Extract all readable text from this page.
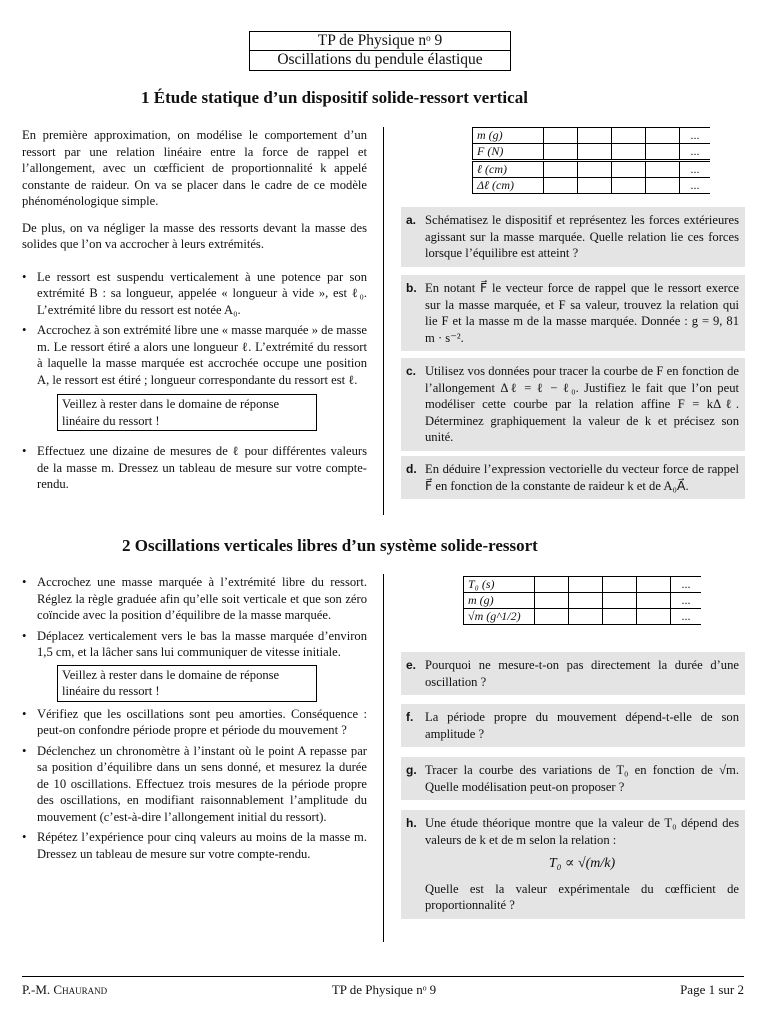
TP de Physique nᵒ 9
Oscillations du pendule élastique
1 Étude statique d’un dispositif solide-ressort vertical

En première approximation, on modélise le comportement d’un ressort par une relation linéaire entre la force de rappel et l’allongement, avec un cœfficient de proportionnalité k appelé constante de raideur. On va se placer dans le cadre de ce modèle phénoménologique simple.

De plus, on va négliger la masse des ressorts devant la masse des solides que l’on va accrocher à leurs extrémités.

• Le ressort est suspendu verticalement à une potence par son extrémité B : sa longueur, appelée « longueur à vide », est ℓ₀. L’extrémité libre du ressort est notée A₀.
• Accrochez à son extrémité libre une « masse marquée » de masse m. Le ressort étiré a alors une longueur ℓ. L’extrémité du ressort à laquelle la masse marquée est accrochée occupe une position A, le ressort est étiré ; longueur correspondante du ressort est ℓ.
Veillez à rester dans le domaine de réponse linéaire du ressort !
• Effectuez une dizaine de mesures de ℓ pour différentes valeurs de la masse m. Dressez un tableau de mesure sur votre compte-rendu.
m (g)					...
F (N)					...
ℓ (cm)					...
Δℓ (cm)					...
a. Schématisez le dispositif et représentez les forces extérieures agissant sur la masse marquée. Quelle relation lie ces forces lorsque l’équilibre est atteint ?
b. En notant F⃗ le vecteur force de rappel que le ressort exerce sur la masse marquée, et F sa valeur, trouvez la relation qui lie F et la masse m de la masse marquée. Donnée : g = 9, 81 m · s⁻².
c. Utilisez vos données pour tracer la courbe de F en fonction de l’allongement Δℓ = ℓ − ℓ₀. Justifiez le fait que l’on peut modéliser cette courbe par la relation affine F = kΔℓ. Déterminez graphiquement la valeur de k et précisez son unité.
d. En déduire l’expression vectorielle du vecteur force de rappel F⃗ en fonction de la constante de raideur k et de A₀A⃗.
2 Oscillations verticales libres d’un système solide-ressort
• Accrochez une masse marquée à l’extrémité libre du ressort. Réglez la règle graduée afin qu’elle soit verticale et que son zéro coïncide avec la position d’équilibre de la masse marquée.
• Déplacez verticalement vers le bas la masse marquée d’environ 1,5 cm, et la lâcher sans lui communiquer de vitesse initiale.
Veillez à rester dans le domaine de réponse linéaire du ressort !
• Vérifiez que les oscillations sont peu amorties. Conséquence : peut-on confondre période propre et période du mouvement ?
• Déclenchez un chronomètre à l’instant où le point A repasse par sa position d’équilibre dans un sens donné, et mesurez la durée de 10 oscillations. Effectuez trois mesures de la période propre des oscillations, en modifiant raisonnablement l’amplitude du mouvement (c’est-à-dire l’allongement initial du ressort).
• Répétez l’expérience pour cinq valeurs au moins de la masse m. Dressez un tableau de mesure sur votre compte-rendu.
T₀ (s)					...
m (g)					...
√m (g^1/2)					...
e. Pourquoi ne mesure-t-on pas directement la durée d’une oscillation ?
f. La période propre du mouvement dépend-t-elle de son amplitude ?
g. Tracer la courbe des variations de T₀ en fonction de √m. Quelle modélisation peut-on proposer ?
h. Une étude théorique montre que la valeur de T₀ dépend des valeurs de k et de m selon la relation :
T₀ ∝ √(m/k)
Quelle est la valeur expérimentale du cœfficient de proportionnalité ?
P.-M. Chaurand	TP de Physique nᵒ 9	Page 1 sur 2
